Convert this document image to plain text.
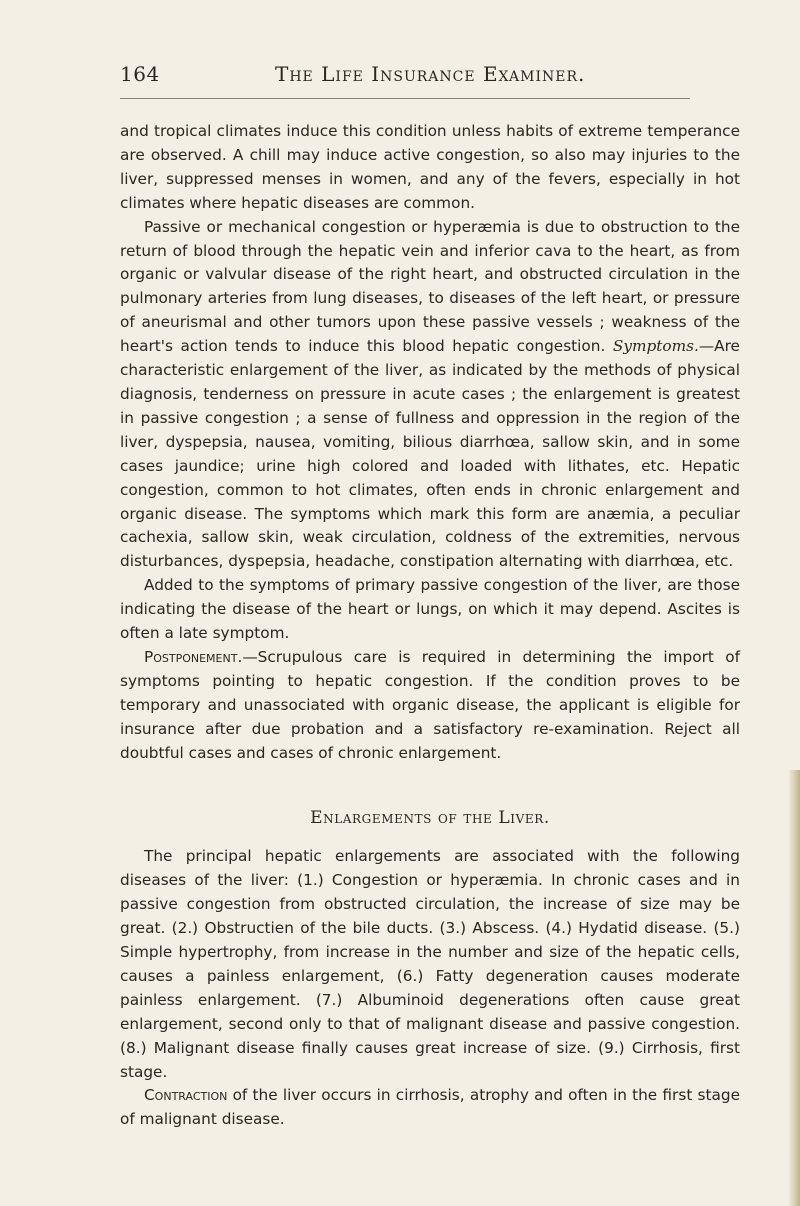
164	The Life Insurance Examiner.

and tropical climates induce this condition unless habits of extreme temperance are observed. A chill may induce active congestion, so also may injuries to the liver, suppressed menses in women, and any of the fevers, especially in hot climates where hepatic diseases are common.

Passive or mechanical congestion or hyperæmia is due to obstruction to the return of blood through the hepatic vein and inferior cava to the heart, as from organic or valvular disease of the right heart, and obstructed circulation in the pulmonary arteries from lung diseases, to diseases of the left heart, or pressure of aneurismal and other tumors upon these passive vessels ; weakness of the heart's action tends to induce this blood hepatic congestion. Symptoms.—Are characteristic enlargement of the liver, as indicated by the methods of physical diagnosis, tenderness on pressure in acute cases ; the enlargement is greatest in passive congestion ; a sense of fullness and oppression in the region of the liver, dyspepsia, nausea, vomiting, bilious diarrhœa, sallow skin, and in some cases jaundice; urine high colored and loaded with lithates, etc. Hepatic congestion, common to hot climates, often ends in chronic enlargement and organic disease. The symptoms which mark this form are anæmia, a peculiar cachexia, sallow skin, weak circulation, coldness of the extremities, nervous disturbances, dyspepsia, headache, constipation alternating with diarrhœa, etc.

Added to the symptoms of primary passive congestion of the liver, are those indicating the disease of the heart or lungs, on which it may depend. Ascites is often a late symptom.

Postponement.—Scrupulous care is required in determining the import of symptoms pointing to hepatic congestion. If the condition proves to be temporary and unassociated with organic disease, the applicant is eligible for insurance after due probation and a satisfactory re-examination. Reject all doubtful cases and cases of chronic enlargement.

Enlargements of the Liver.

The principal hepatic enlargements are associated with the following diseases of the liver: (1.) Congestion or hyperæmia. In chronic cases and in passive congestion from obstructed circulation, the increase of size may be great. (2.) Obstructien of the bile ducts. (3.) Abscess. (4.) Hydatid disease. (5.) Simple hypertrophy, from increase in the number and size of the hepatic cells, causes a painless enlargement, (6.) Fatty degeneration causes moderate painless enlargement. (7.) Albuminoid degenerations often cause great enlargement, second only to that of malignant disease and passive congestion. (8.) Malignant disease finally causes great increase of size. (9.) Cirrhosis, first stage.

Contraction of the liver occurs in cirrhosis, atrophy and often in the first stage of malignant disease.
